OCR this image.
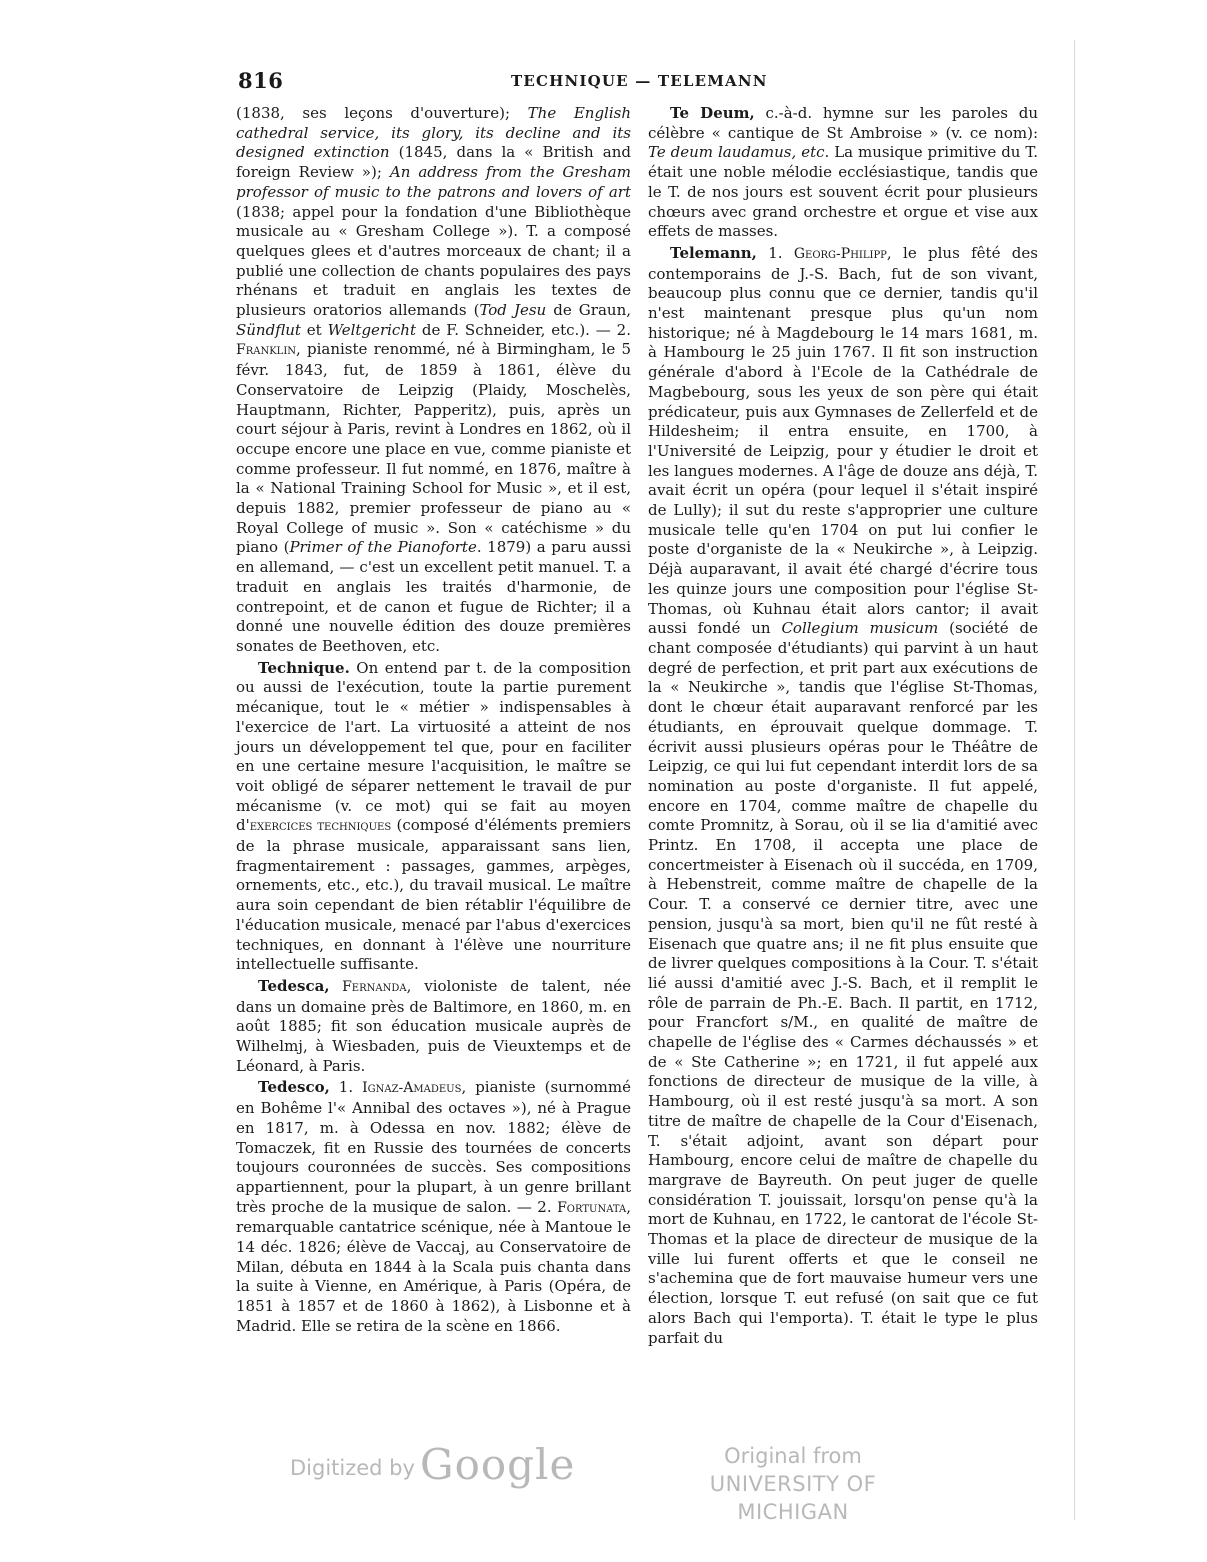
816	TECHNIQUE — TELEMANN

(1838, ses leçons d'ouverture); The English cathedral service, its glory, its decline and its designed extinction (1845, dans la « British and foreign Review »); An address from the Gresham professor of music to the patrons and lovers of art (1838; appel pour la fondation d'une Bibliothèque musicale au « Gresham College »). T. a composé quelques glees et d'autres morceaux de chant; il a publié une collection de chants populaires des pays rhénans et traduit en anglais les textes de plusieurs oratorios allemands (Tod Jesu de Graun, Sündflut et Weltgericht de F. Schneider, etc.). — 2. Franklin, pianiste renommé, né à Birmingham, le 5 févr. 1843, fut, de 1859 à 1861, élève du Conservatoire de Leipzig (Plaidy, Moschelès, Hauptmann, Richter, Papperitz), puis, après un court séjour à Paris, revint à Londres en 1862, où il occupe encore une place en vue, comme pianiste et comme professeur. Il fut nommé, en 1876, maître à la « National Training School for Music », et il est, depuis 1882, premier professeur de piano au « Royal College of music ». Son « catéchisme » du piano (Primer of the Pianoforte. 1879) a paru aussi en allemand, — c'est un excellent petit manuel. T. a traduit en anglais les traités d'harmonie, de contrepoint, et de canon et fugue de Richter; il a donné une nouvelle édition des douze premières sonates de Beethoven, etc.

Technique. On entend par t. de la composition ou aussi de l'exécution, toute la partie purement mécanique, tout le « métier » indispensables à l'exercice de l'art. La virtuosité a atteint de nos jours un développement tel que, pour en faciliter en une certaine mesure l'acquisition, le maître se voit obligé de séparer nettement le travail de pur mécanisme (v. ce mot) qui se fait au moyen d'exercices techniques (composé d'éléments premiers de la phrase musicale, apparaissant sans lien, fragmentairement : passages, gammes, arpèges, ornements, etc., etc.), du travail musical. Le maître aura soin cependant de bien rétablir l'équilibre de l'éducation musicale, menacé par l'abus d'exercices techniques, en donnant à l'élève une nourriture intellectuelle suffisante.

Tedesca, Fernanda, violoniste de talent, née dans un domaine près de Baltimore, en 1860, m. en août 1885; fit son éducation musicale auprès de Wilhelmj, à Wiesbaden, puis de Vieuxtemps et de Léonard, à Paris.

Tedesco, 1. Ignaz-Amadeus, pianiste (surnommé en Bohême l'« Annibal des octaves »), né à Prague en 1817, m. à Odessa en nov. 1882; élève de Tomaczek, fit en Russie des tournées de concerts toujours couronnées de succès. Ses compositions appartiennent, pour la plupart, à un genre brillant très proche de la musique de salon. — 2. Fortunata, remarquable cantatrice scénique, née à Mantoue le 14 déc. 1826; élève de Vaccaj, au Conservatoire de Milan, débuta en 1844 à la Scala puis chanta dans la suite à Vienne, en Amérique, à Paris (Opéra, de 1851 à 1857 et de 1860 à 1862), à Lisbonne et à Madrid. Elle se retira de la scène en 1866.

Te Deum, c.-à-d. hymne sur les paroles du célèbre « cantique de St Ambroise » (v. ce nom): Te deum laudamus, etc. La musique primitive du T. était une noble mélodie ecclésiastique, tandis que le T. de nos jours est souvent écrit pour plusieurs chœurs avec grand orchestre et orgue et vise aux effets de masses.

Telemann, 1. Georg-Philipp, le plus fêté des contemporains de J.-S. Bach, fut de son vivant, beaucoup plus connu que ce dernier, tandis qu'il n'est maintenant presque plus qu'un nom historique; né à Magdebourg le 14 mars 1681, m. à Hambourg le 25 juin 1767. Il fit son instruction générale d'abord à l'Ecole de la Cathédrale de Magbebourg, sous les yeux de son père qui était prédicateur, puis aux Gymnases de Zellerfeld et de Hildesheim; il entra ensuite, en 1700, à l'Université de Leipzig, pour y étudier le droit et les langues modernes. A l'âge de douze ans déjà, T. avait écrit un opéra (pour lequel il s'était inspiré de Lully); il sut du reste s'approprier une culture musicale telle qu'en 1704 on put lui confier le poste d'organiste de la « Neukirche », à Leipzig. Déjà auparavant, il avait été chargé d'écrire tous les quinze jours une composition pour l'église St-Thomas, où Kuhnau était alors cantor; il avait aussi fondé un Collegium musicum (société de chant composée d'étudiants) qui parvint à un haut degré de perfection, et prit part aux exécutions de la « Neukirche », tandis que l'église St-Thomas, dont le chœur était auparavant renforcé par les étudiants, en éprouvait quelque dommage. T. écrivit aussi plusieurs opéras pour le Théâtre de Leipzig, ce qui lui fut cependant interdit lors de sa nomination au poste d'organiste. Il fut appelé, encore en 1704, comme maître de chapelle du comte Promnitz, à Sorau, où il se lia d'amitié avec Printz. En 1708, il accepta une place de concertmeister à Eisenach où il succéda, en 1709, à Hebenstreit, comme maître de chapelle de la Cour. T. a conservé ce dernier titre, avec une pension, jusqu'à sa mort, bien qu'il ne fût resté à Eisenach que quatre ans; il ne fit plus ensuite que de livrer quelques compositions à la Cour. T. s'était lié aussi d'amitié avec J.-S. Bach, et il remplit le rôle de parrain de Ph.-E. Bach. Il partit, en 1712, pour Francfort s/M., en qualité de maître de chapelle de l'église des « Carmes déchaussés » et de « Ste Catherine »; en 1721, il fut appelé aux fonctions de directeur de musique de la ville, à Hambourg, où il est resté jusqu'à sa mort. A son titre de maître de chapelle de la Cour d'Eisenach, T. s'était adjoint, avant son départ pour Hambourg, encore celui de maître de chapelle du margrave de Bayreuth. On peut juger de quelle considération T. jouissait, lorsqu'on pense qu'à la mort de Kuhnau, en 1722, le cantorat de l'école St-Thomas et la place de directeur de musique de la ville lui furent offerts et que le conseil ne s'achemina que de fort mauvaise humeur vers une élection, lorsque T. eut refusé (on sait que ce fut alors Bach qui l'emporta). T. était le type le plus parfait du

Digitized by Google	Original from
UNIVERSITY OF MICHIGAN
